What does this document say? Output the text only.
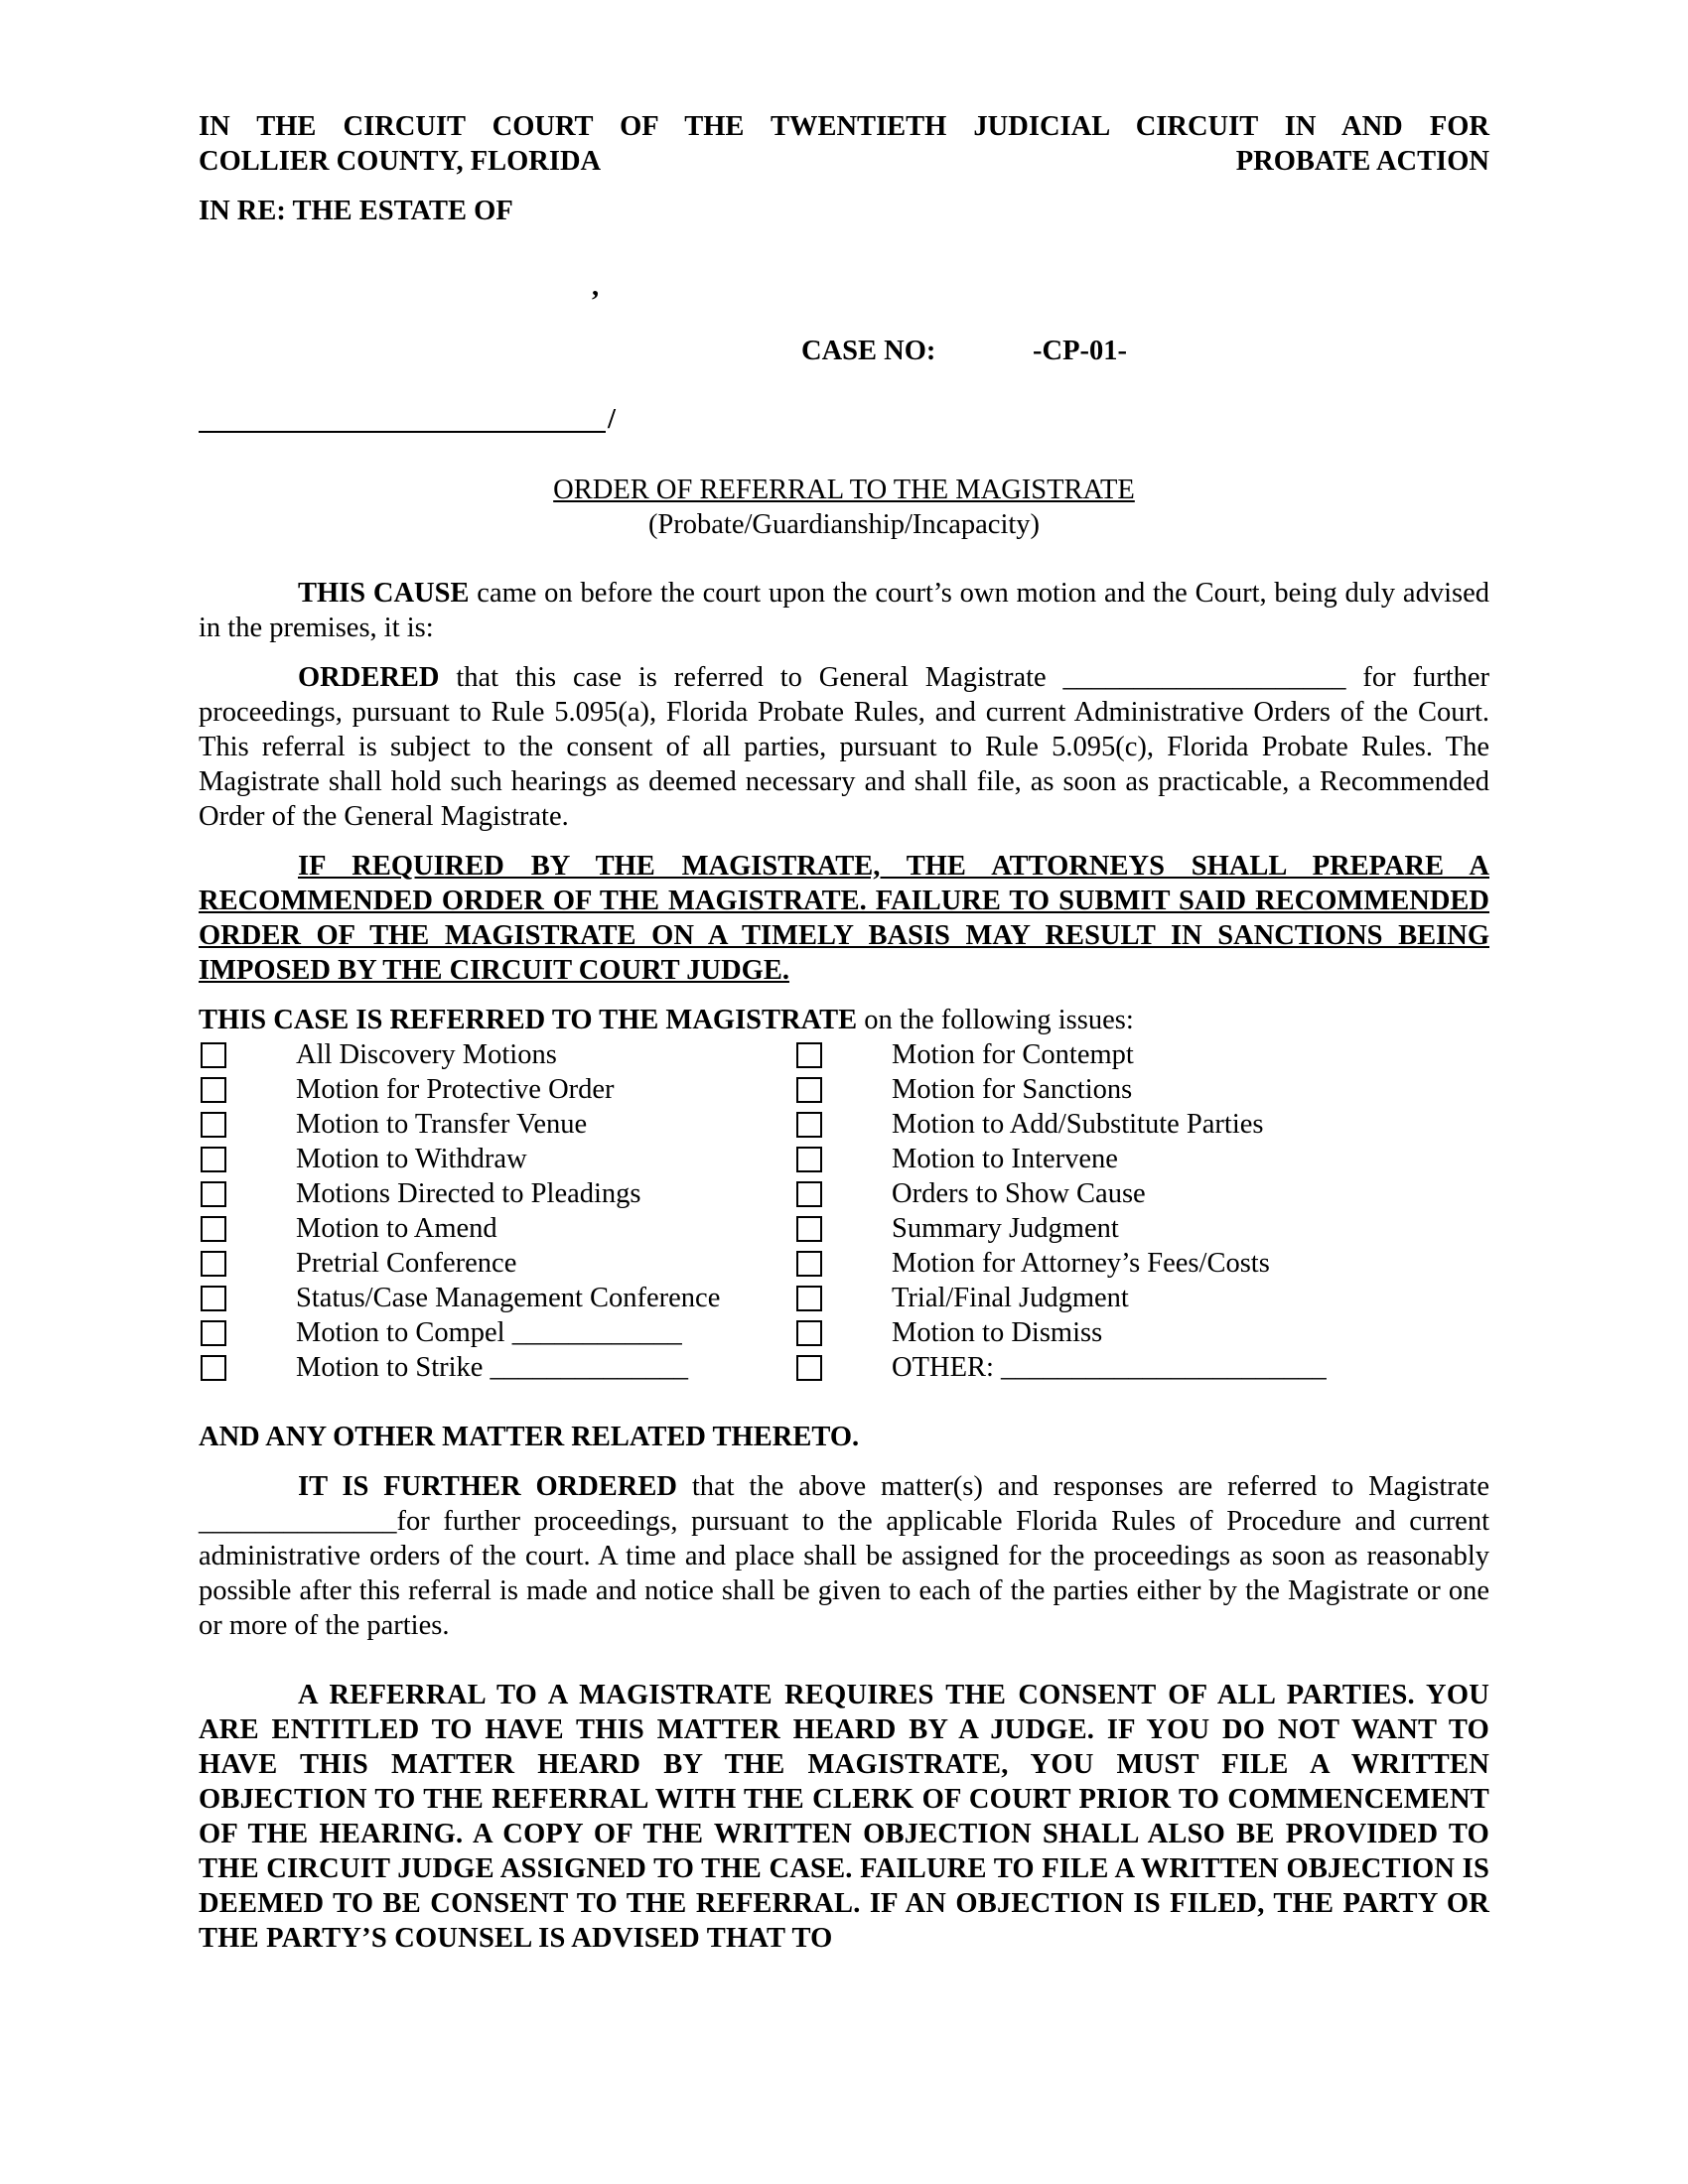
IN THE CIRCUIT COURT OF THE TWENTIETH JUDICIAL CIRCUIT IN AND FOR
COLLIER COUNTY, FLORIDA	PROBATE ACTION
IN RE: THE ESTATE OF
,
CASE NO:	-CP-01-
/
ORDER OF REFERRAL TO THE MAGISTRATE
(Probate/Guardianship/Incapacity)
THIS CAUSE came on before the court upon the court’s own motion and the Court, being duly advised in the premises, it is:
ORDERED that this case is referred to General Magistrate ____________________ for further proceedings, pursuant to Rule 5.095(a), Florida Probate Rules, and current Administrative Orders of the Court. This referral is subject to the consent of all parties, pursuant to Rule 5.095(c), Florida Probate Rules. The Magistrate shall hold such hearings as deemed necessary and shall file, as soon as practicable, a Recommended Order of the General Magistrate.
IF REQUIRED BY THE MAGISTRATE, THE ATTORNEYS SHALL PREPARE A RECOMMENDED ORDER OF THE MAGISTRATE. FAILURE TO SUBMIT SAID RECOMMENDED ORDER OF THE MAGISTRATE ON A TIMELY BASIS MAY RESULT IN SANCTIONS BEING IMPOSED BY THE CIRCUIT COURT JUDGE.
THIS CASE IS REFERRED TO THE MAGISTRATE on the following issues:
All Discovery Motions
Motion for Protective Order
Motion to Transfer Venue
Motion to Withdraw
Motions Directed to Pleadings
Motion to Amend
Pretrial Conference
Status/Case Management Conference
Motion to Compel ____________
Motion to Strike ______________
Motion for Contempt
Motion for Sanctions
Motion to Add/Substitute Parties
Motion to Intervene
Orders to Show Cause
Summary Judgment
Motion for Attorney’s Fees/Costs
Trial/Final Judgment
Motion to Dismiss
OTHER: _______________________
AND ANY OTHER MATTER RELATED THERETO.
IT IS FURTHER ORDERED that the above matter(s) and responses are referred to Magistrate ______________for further proceedings, pursuant to the applicable Florida Rules of Procedure and current administrative orders of the court. A time and place shall be assigned for the proceedings as soon as reasonably possible after this referral is made and notice shall be given to each of the parties either by the Magistrate or one or more of the parties.
A REFERRAL TO A MAGISTRATE REQUIRES THE CONSENT OF ALL PARTIES. YOU ARE ENTITLED TO HAVE THIS MATTER HEARD BY A JUDGE. IF YOU DO NOT WANT TO HAVE THIS MATTER HEARD BY THE MAGISTRATE, YOU MUST FILE A WRITTEN OBJECTION TO THE REFERRAL WITH THE CLERK OF COURT PRIOR TO COMMENCEMENT OF THE HEARING. A COPY OF THE WRITTEN OBJECTION SHALL ALSO BE PROVIDED TO THE CIRCUIT JUDGE ASSIGNED TO THE CASE. FAILURE TO FILE A WRITTEN OBJECTION IS DEEMED TO BE CONSENT TO THE REFERRAL. IF AN OBJECTION IS FILED, THE PARTY OR THE PARTY’S COUNSEL IS ADVISED THAT TO
